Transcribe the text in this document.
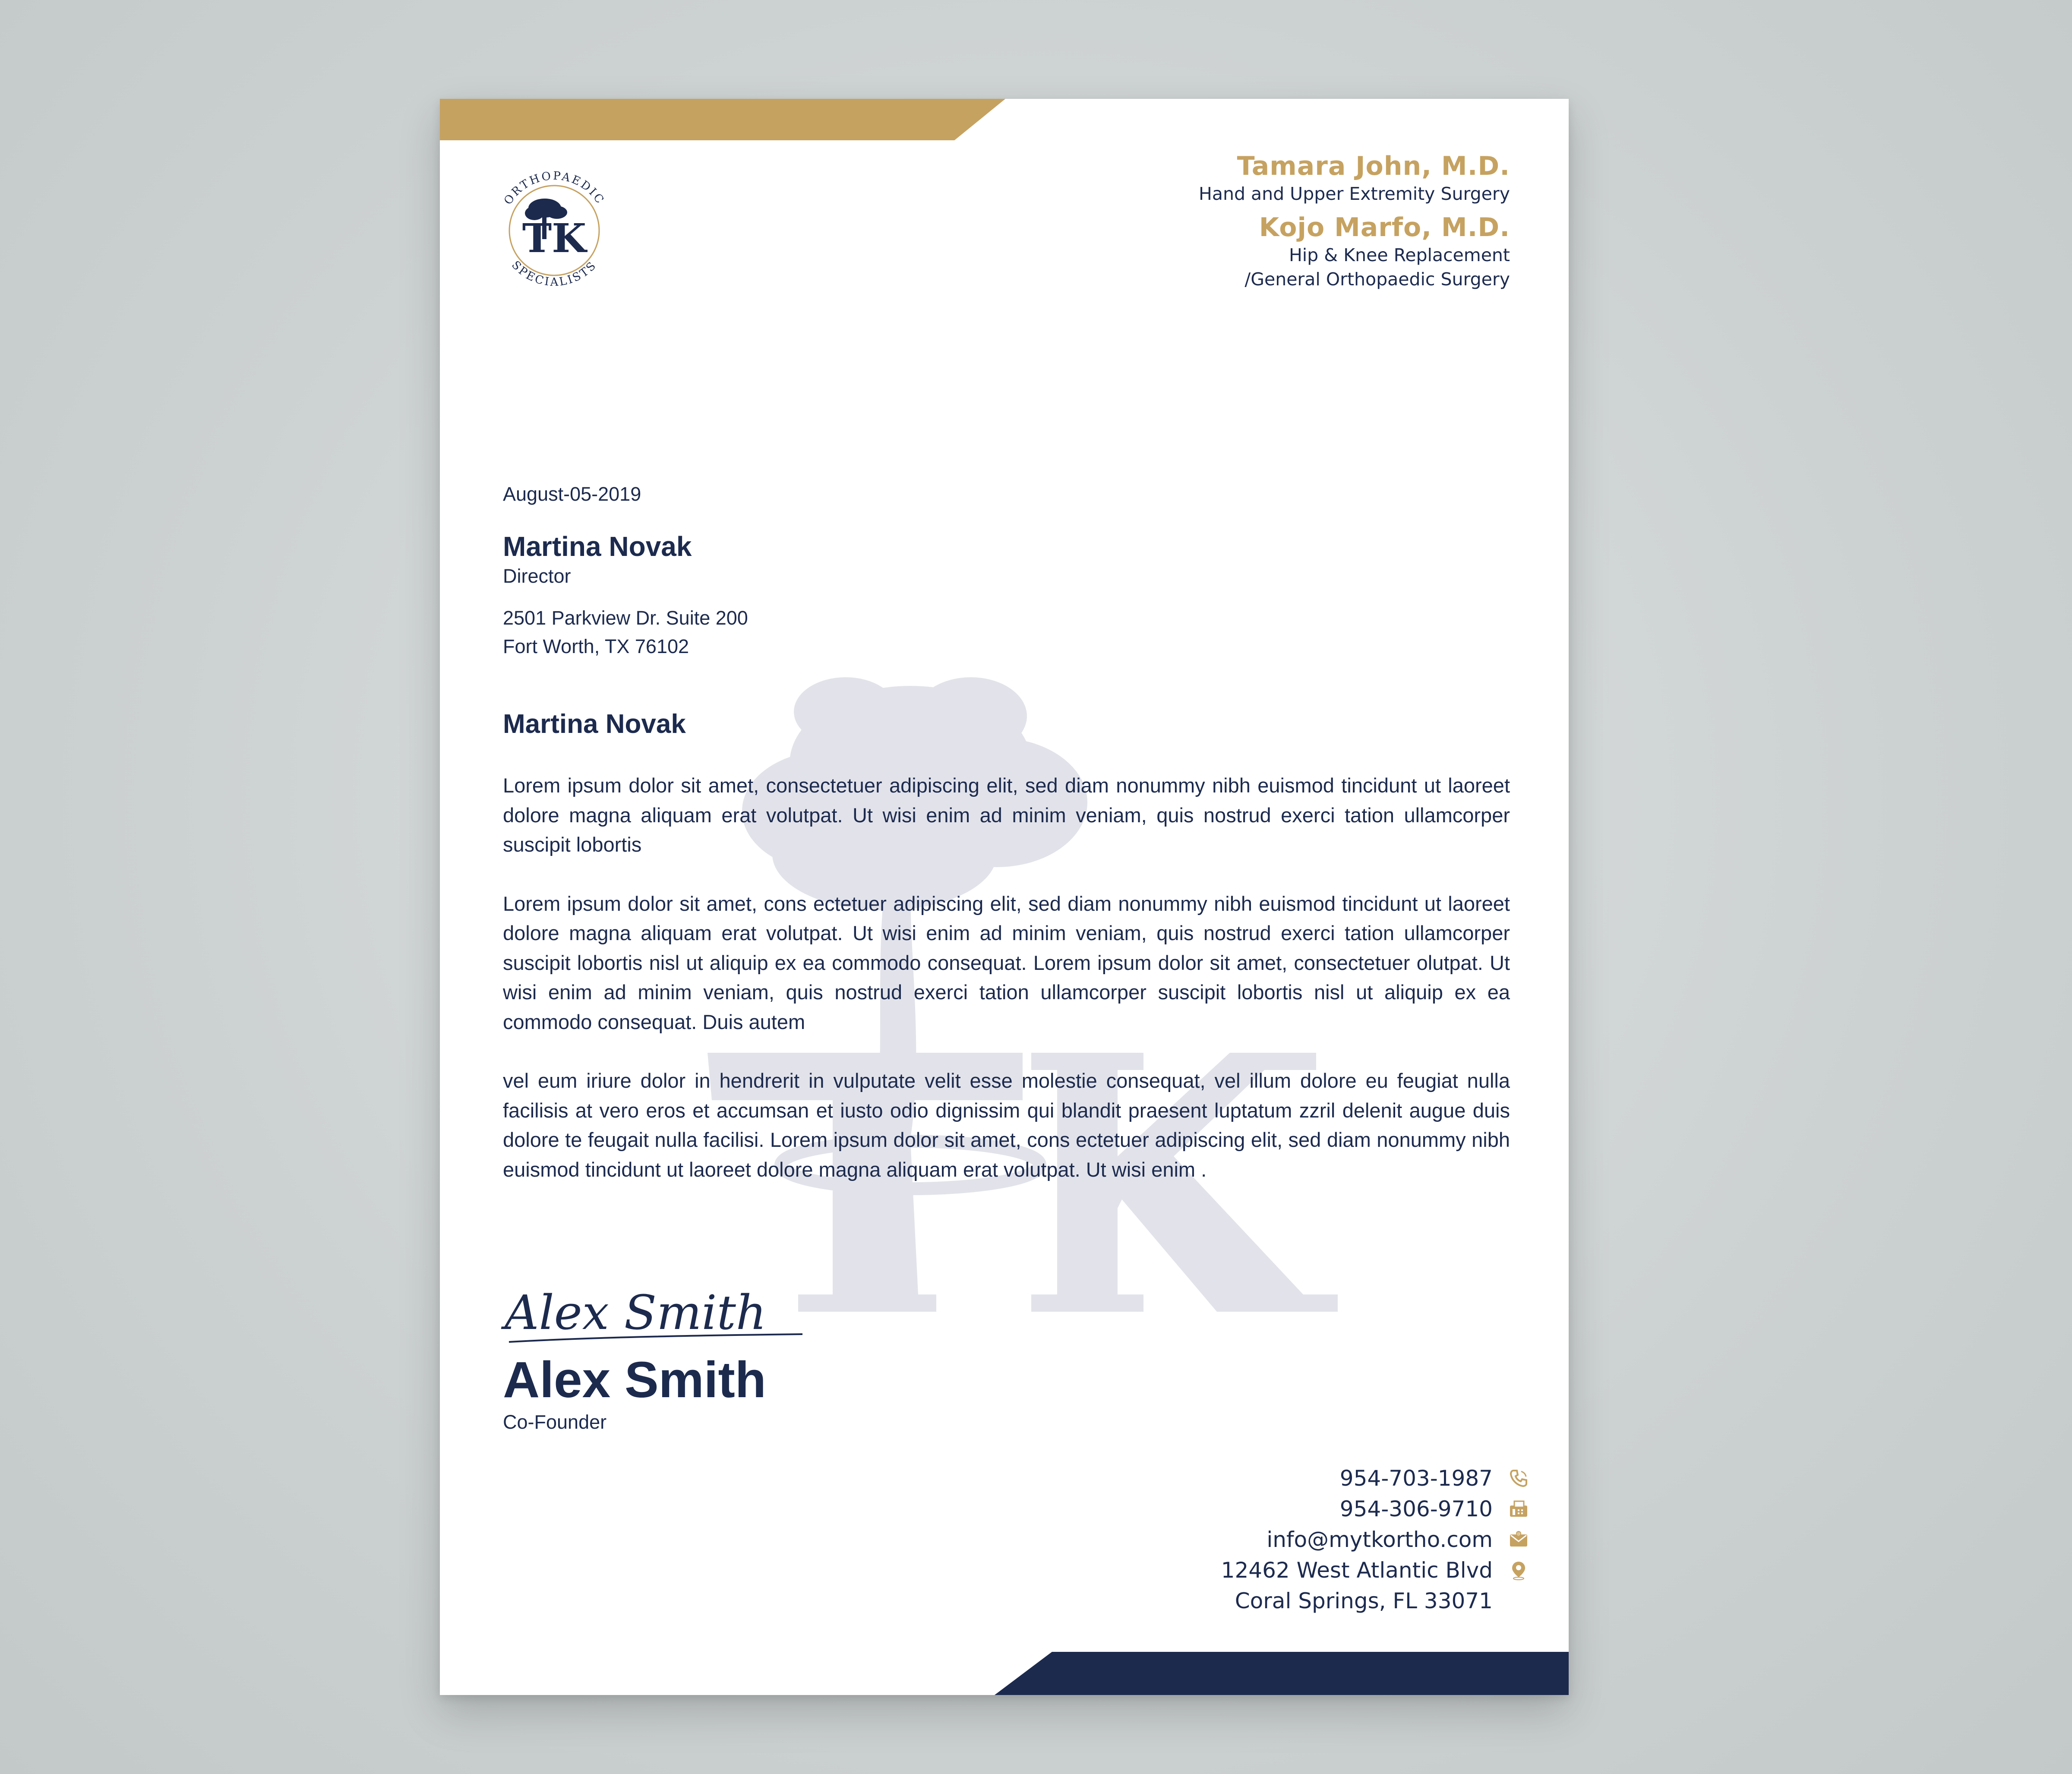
ORTHOPAEDIC
SPECIALISTS
TK
Tamara John, M.D.
Hand and Upper Extremity Surgery
Kojo Marfo, M.D.
Hip & Knee Replacement
/General Orthopaedic Surgery
August-05-2019
Martina Novak
Director
2501 Parkview Dr. Suite 200
Fort Worth, TX 76102
Martina Novak

Lorem ipsum dolor sit amet, consectetuer adipiscing elit, sed diam nonummy nibh euismod tincidunt ut laoreet dolore magna aliquam erat volutpat. Ut wisi enim ad minim veniam, quis nostrud exerci tation ullamcorper suscipit lobortis

Lorem ipsum dolor sit amet, cons ectetuer adipiscing elit, sed diam nonummy nibh euismod tincidunt ut laoreet dolore magna aliquam erat volutpat. Ut wisi enim ad minim veniam, quis nostrud exerci tation ullamcorper suscipit lobortis nisl ut aliquip ex ea commodo consequat. Lorem ipsum dolor sit amet, consectetuer olutpat. Ut wisi enim ad minim veniam, quis nostrud exerci tation ullamcorper suscipit lobortis nisl ut aliquip ex ea commodo consequat. Duis autem

vel eum iriure dolor in hendrerit in vulputate velit esse molestie consequat, vel illum dolore eu feugiat nulla facilisis at vero eros et accumsan et iusto odio dignissim qui blandit praesent luptatum zzril delenit augue duis dolore te feugait nulla facilisi. Lorem ipsum dolor sit amet, cons ectetuer adipiscing elit, sed diam nonummy nibh euismod tincidunt ut laoreet dolore magna aliquam erat volutpat. Ut wisi enim .

Alex Smith
Alex Smith
Co-Founder
954-703-1987
954-306-9710
info@mytkortho.com	@
12462 West Atlantic Blvd
Coral Springs, FL 33071
